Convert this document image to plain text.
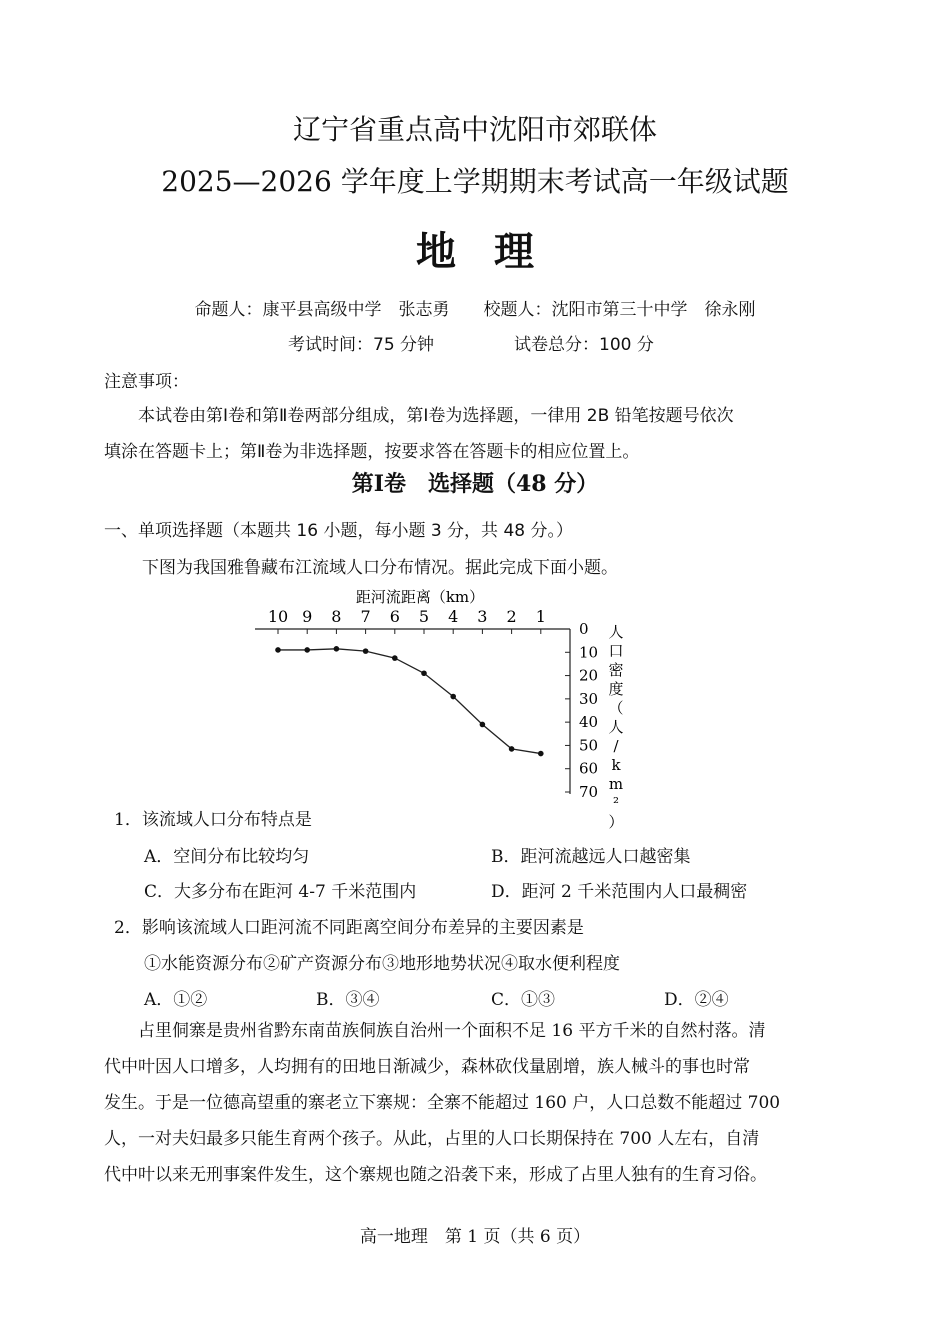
辽宁省重点高中沈阳市郊联体
2025—2026 学年度上学期期末考试高一年级试题
地理
命题人：康平县高级中学　张志勇　　校题人：沈阳市第三十中学　徐永刚
考试时间：75 分钟	试卷总分：100 分
注意事项：
本试卷由第Ⅰ卷和第Ⅱ卷两部分组成，第Ⅰ卷为选择题，一律用 2B 铅笔按题号依次
填涂在答题卡上；第Ⅱ卷为非选择题，按要求答在答题卡的相应位置上。
第Ⅰ卷　选择题（48 分）
一、单项选择题（本题共 16 小题，每小题 3 分，共 48 分。）
下图为我国雅鲁藏布江流域人口分布情况。据此完成下面小题。
距河流距离（km）
10 9 8 7 6 5 4 3 2 1
0
10
20
30
40
50
60
70
人口密度（人/ k m ² ）
1．该流域人口分布特点是
A．空间分布比较均匀	B．距河流越远人口越密集
C．大多分布在距河 4-7 千米范围内	D．距河 2 千米范围内人口最稠密
2．影响该流域人口距河流不同距离空间分布差异的主要因素是
①水能资源分布②矿产资源分布③地形地势状况④取水便利程度
A．①②	B．③④	C．①③	D．②④
占里侗寨是贵州省黔东南苗族侗族自治州一个面积不足 16 平方千米的自然村落。清
代中叶因人口增多，人均拥有的田地日渐减少，森林砍伐量剧增，族人械斗的事也时常
发生。于是一位德高望重的寨老立下寨规：全寨不能超过 160 户，人口总数不能超过 700
人，一对夫妇最多只能生育两个孩子。从此，占里的人口长期保持在 700 人左右，自清
代中叶以来无刑事案件发生，这个寨规也随之沿袭下来，形成了占里人独有的生育习俗。
高一地理　第 1 页（共 6 页）
